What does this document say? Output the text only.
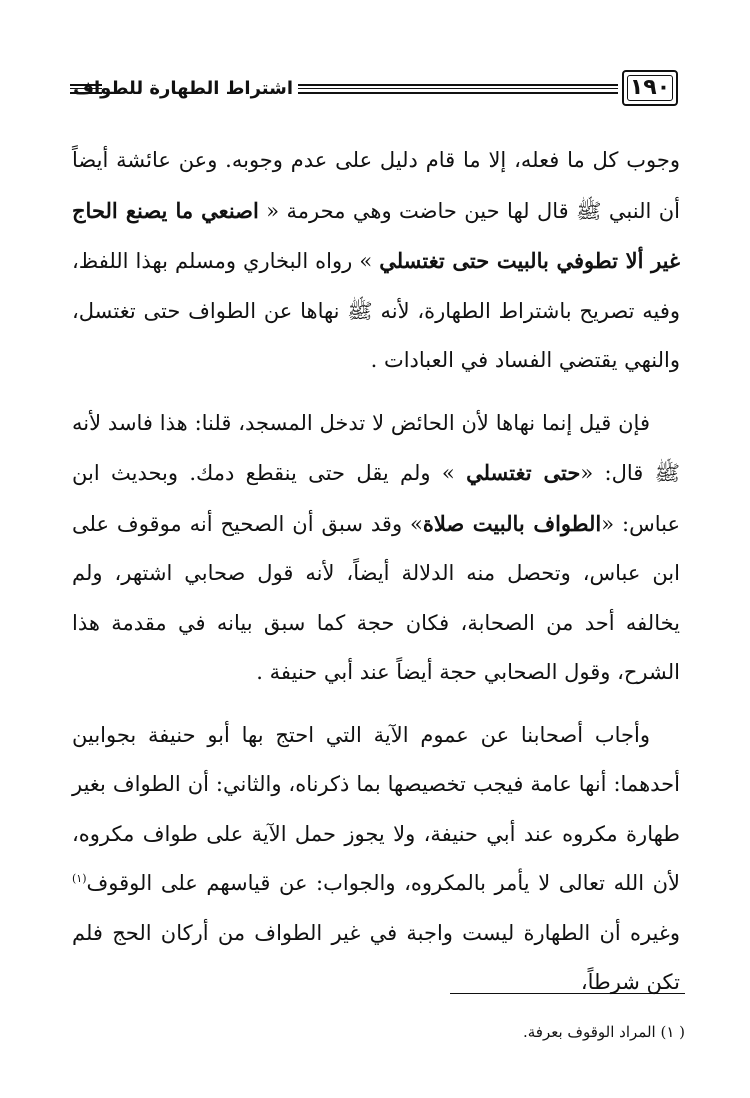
اشتراط الطهارة للطواف	١٩٠

وجوب كل ما فعله، إلا ما قام دليل على عدم وجوبه. وعن عائشة أيضاً أن النبي ﷺ قال لها حين حاضت وهي محرمة « اصنعي ما يصنع الحاج غير ألا تطوفي بالبيت حتى تغتسلي » رواه البخاري ومسلم بهذا اللفظ، وفيه تصريح باشتراط الطهارة، لأنه ﷺ نهاها عن الطواف حتى تغتسل، والنهي يقتضي الفساد في العبادات .

فإن قيل إنما نهاها لأن الحائض لا تدخل المسجد، قلنا: هذا فاسد لأنه ﷺ قال: «حتى تغتسلي » ولم يقل حتى ينقطع دمك. وبحديث ابن عباس: «الطواف بالبيت صلاة» وقد سبق أن الصحيح أنه موقوف على ابن عباس، وتحصل منه الدلالة أيضاً، لأنه قول صحابي اشتهر، ولم يخالفه أحد من الصحابة، فكان حجة كما سبق بيانه في مقدمة هذا الشرح، وقول الصحابي حجة أيضاً عند أبي حنيفة .

وأجاب أصحابنا عن عموم الآية التي احتج بها أبو حنيفة بجوابين أحدهما: أنها عامة فيجب تخصيصها بما ذكرناه، والثاني: أن الطواف بغير طهارة مكروه عند أبي حنيفة، ولا يجوز حمل الآية على طواف مكروه، لأن الله تعالى لا يأمر بالمكروه، والجواب: عن قياسهم على الوقوف$^{(١)}$ وغيره أن الطهارة ليست واجبة في غير الطواف من أركان الحج فلم تكن شرطاً،

( ١) المراد الوقوف بعرفة.
